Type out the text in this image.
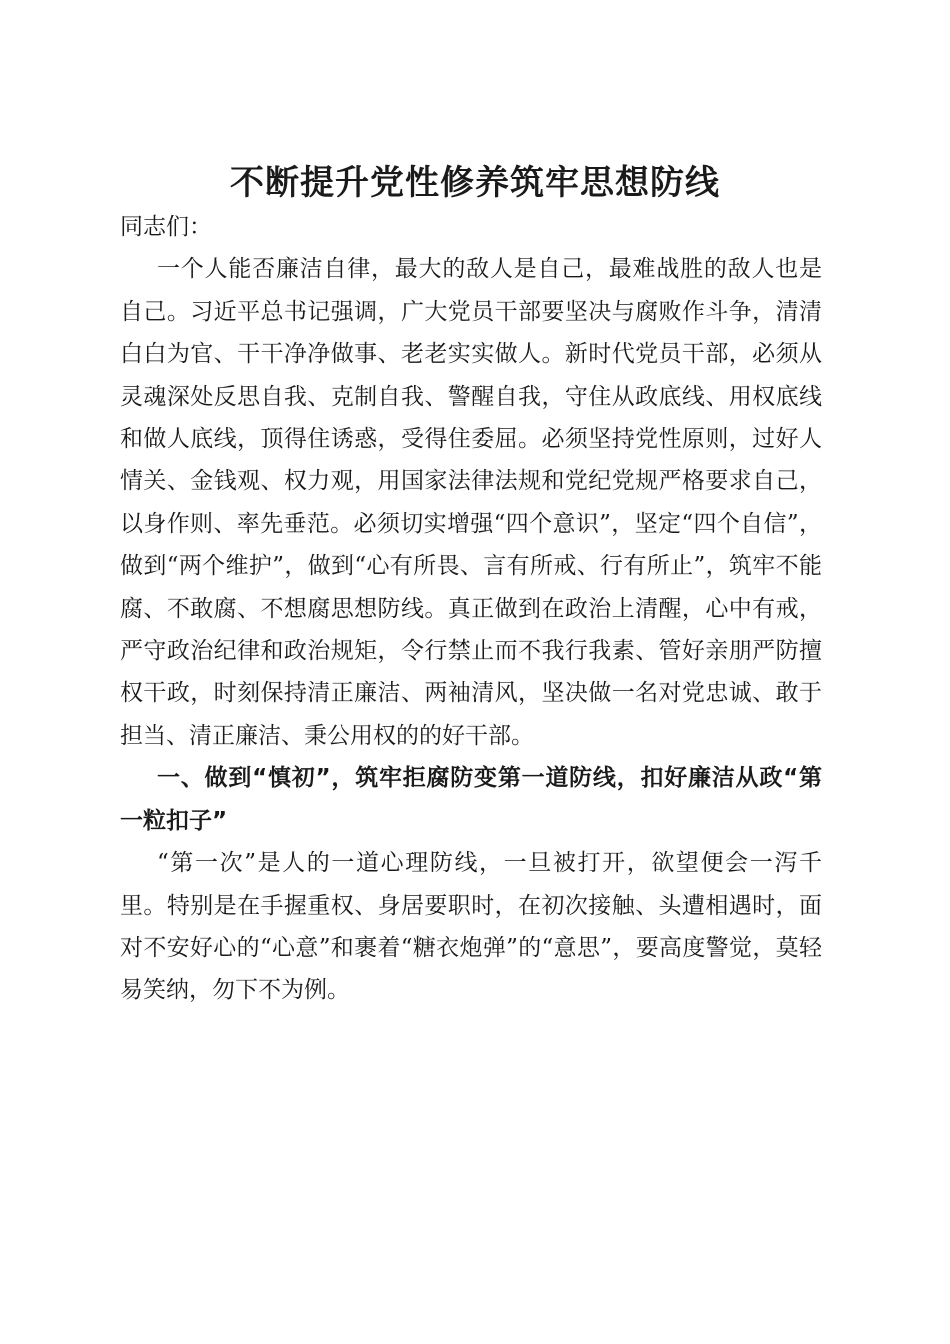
不断提升党性修养筑牢思想防线

同志们：

一个人能否廉洁自律，最大的敌人是自己，最难战胜的敌人也是自己。习近平总书记强调，广大党员干部要坚决与腐败作斗争，清清白白为官、干干净净做事、老老实实做人。新时代党员干部，必须从灵魂深处反思自我、克制自我、警醒自我，守住从政底线、用权底线和做人底线，顶得住诱惑，受得住委屈。必须坚持党性原则，过好人情关、金钱观、权力观，用国家法律法规和党纪党规严格要求自己，以身作则、率先垂范。必须切实增强“四个意识”，坚定“四个自信”，做到“两个维护”，做到“心有所畏、言有所戒、行有所止”，筑牢不能腐、不敢腐、不想腐思想防线。真正做到在政治上清醒，心中有戒，严守政治纪律和政治规矩，令行禁止而不我行我素、管好亲朋严防擅权干政，时刻保持清正廉洁、两袖清风，坚决做一名对党忠诚、敢于担当、清正廉洁、秉公用权的的好干部。

一、做到“慎初”，筑牢拒腐防变第一道防线，扣好廉洁从政“第一粒扣子”

“第一次”是人的一道心理防线，一旦被打开，欲望便会一泻千里。特别是在手握重权、身居要职时，在初次接触、头遭相遇时，面对不安好心的“心意”和裹着“糖衣炮弹”的“意思”，要高度警觉，莫轻易笑纳，勿下不为例。
